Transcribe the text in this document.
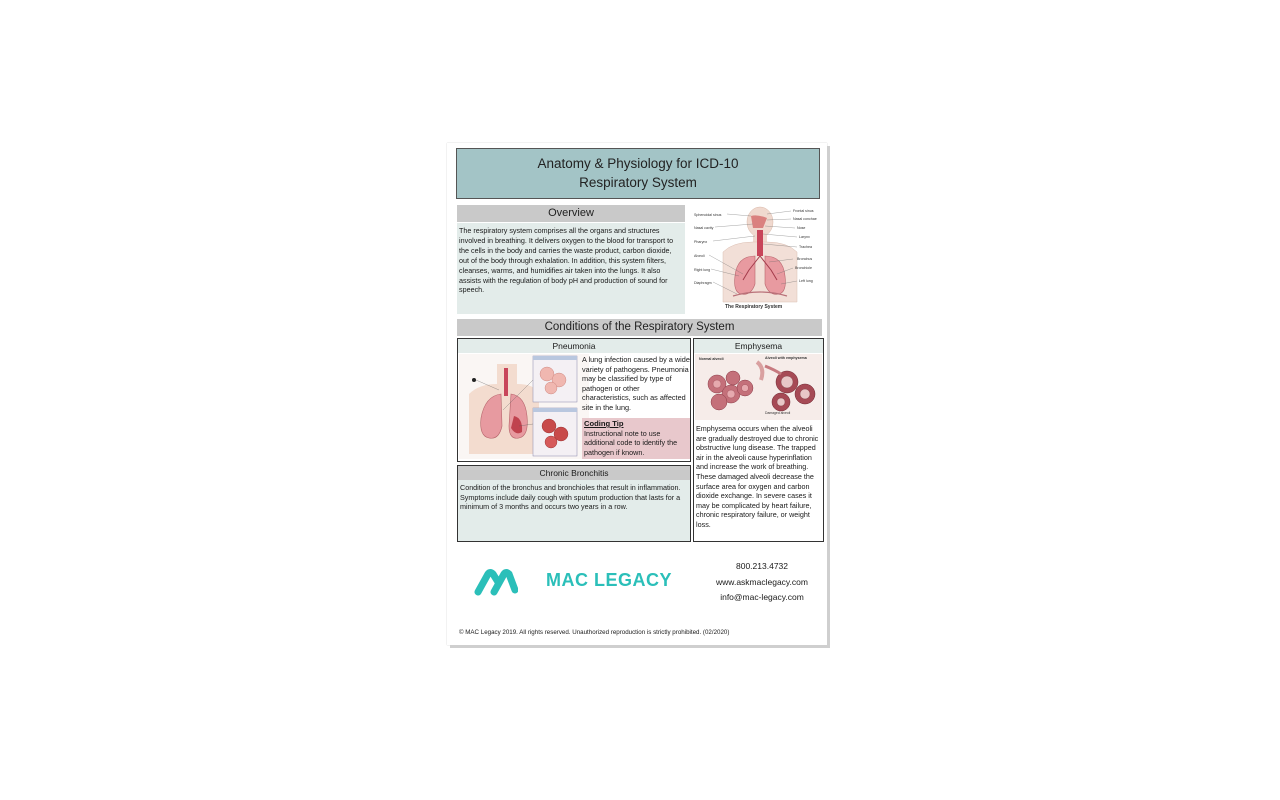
Anatomy & Physiology for ICD-10
Respiratory System
Overview
The respiratory system comprises all the organs and structures involved in breathing. It delivers oxygen to the blood for transport to the cells in the body and carries the waste product, carbon dioxide, out of the body through exhalation. In addition, this system filters, cleanses, warms, and humidifies air taken into the lungs. It also assists with the regulation of body pH and production of sound for speech.
Sphenoidal sinus
Nasal cavity
Pharynx
Alveoli
Right lung
Diaphragm
Frontal sinus
Nasal conchae
Nose
Larynx
Trachea
Bronchus
Bronchiole
Left lung
The Respiratory System
Conditions of the Respiratory System
Pneumonia
A lung infection caused by a wide variety of pathogens. Pneumonia may be classified by type of pathogen or other characteristics, such as affected site in the lung.
Coding Tip
Instructional note to use additional code to identify the pathogen if known.
Chronic Bronchitis
Condition of the bronchus and bronchioles that result in inflammation. Symptoms include daily cough with sputum production that lasts for a minimum of 3 months and occurs two years in a row.
Emphysema
Normal alveoli	Alveoli with emphysema
Damaged alveoli
Emphysema occurs when the alveoli are gradually destroyed due to chronic obstructive lung disease. The trapped air in the alveoli cause hyperinflation and increase the work of breathing. These damaged alveoli decrease the surface area for oxygen and carbon dioxide exchange. In severe cases it may be complicated by heart failure, chronic respiratory failure, or weight loss.
MAC LEGACY
800.213.4732
www.askmaclegacy.com
info@mac-legacy.com
© MAC Legacy 2019. All rights reserved. Unauthorized reproduction is strictly prohibited. (02/2020)
